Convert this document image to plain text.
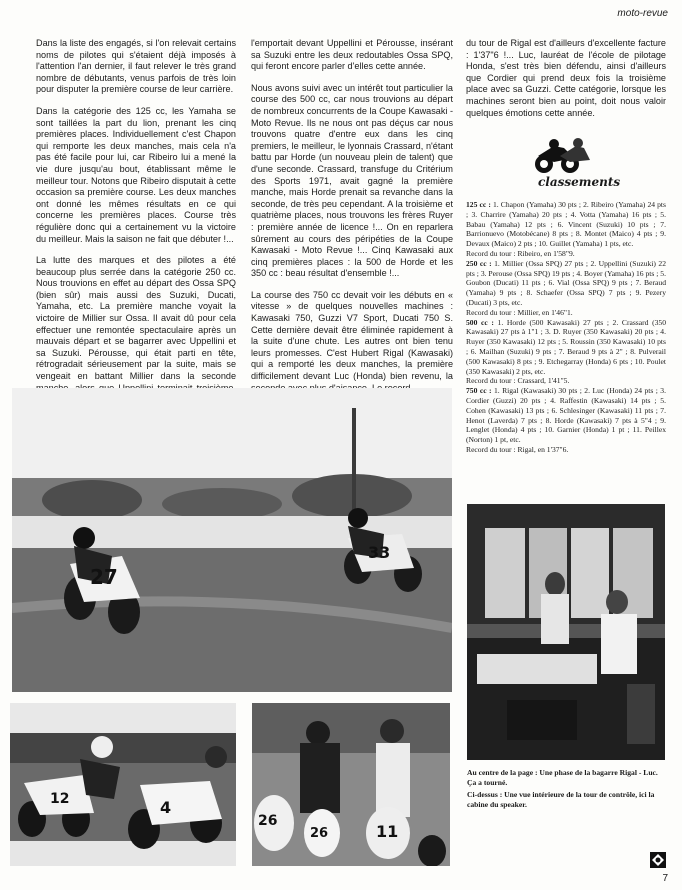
moto-revue

Dans la liste des engagés, si l'on relevait certains noms de pilotes qui s'étaient déjà imposés à l'attention l'an dernier, il faut relever le très grand nombre de débutants, venus parfois de très loin pour disputer la première course de leur carrière.

Dans la catégorie des 125 cc, les Yamaha se sont taillées la part du lion, prenant les cinq premières places. Individuellement c'est Chapon qui remporte les deux manches, mais cela n'a pas été facile pour lui, car Ribeiro lui a mené la vie dure jusqu'au bout, établissant même le meilleur tour. Notons que Ribeiro disputait à cette occasion sa première course. Les deux manches ont donné les mêmes résultats en ce qui concerne les premières places. Course très régulière donc qui a certainement vu la victoire du meilleur. Mais la saison ne fait que débuter !...

La lutte des marques et des pilotes a été beaucoup plus serrée dans la catégorie 250 cc. Nous trouvions en effet au départ des Ossa SPQ (bien sûr) mais aussi des Suzuki, Ducati, Yamaha, etc. La première manche voyait la victoire de Millier sur Ossa. Il avait dû pour cela effectuer une remontée spectaculaire après un mauvais départ et se bagarrer avec Uppellini et sa Suzuki. Pérousse, qui était parti en tête, rétrogradait sérieusement par la suite, mais se vengeait en battant Millier dans la seconde

l'emportait devant Uppellini et Pérousse, insérant sa Suzuki entre les deux redoutables Ossa SPQ, qui feront encore parler d'elles cette année.

Nous avons suivi avec un intérêt tout particulier la course des 500 cc, car nous trouvions au départ de nombreux concurrents de la Coupe Kawasaki - Moto Revue. Ils ne nous ont pas déçus car nous trouvons quatre d'entre eux dans les cinq premiers, le meilleur, le lyonnais Crassard, n'étant battu par Horde (un nouveau plein de talent) que d'une seconde. Crassard, transfuge du Critérium des Sports 1971, avait gagné la première manche, mais Horde prenait sa revanche dans la seconde, de très peu cependant. A la troisième et quatrième places, nous trouvons les frères Ruyer : première année de licence !... On en reparlera sûrement au cours des péripéties de la Coupe Kawasaki - Moto Revue !... Cinq Kawasaki aux cinq premières places : la 500 de Horde et les 350 cc : beau résultat d'ensemble !...

La course des 750 cc devait voir les débuts en « vitesse » de quelques nouvelles machines : Kawasaki 750, Guzzi V7 Sport, Ducati 750 S. Cette dernière devait être éliminée rapidement à la suite d'une chute. Les autres ont bien tenu leurs promesses. C'est Hubert Rigal (Kawasaki) qui a remporté les deux manches, la première difficilement devant Luc (Honda) bien revenu, la

du tour de Rigal est d'ailleurs d'excellente facture : 1'37"6 !... Luc, lauréat de l'école de pilotage Honda, s'est très bien défendu, ainsi d'ailleurs que Cordier qui prend deux fois la troisième place avec sa Guzzi. Cette catégorie, lorsque les machines seront bien au point, doit nous valoir quelques émotions cette année.

classements

125 cc : 1. Chapon (Yamaha) 30 pts ; 2. Ribeiro (Yamaha) 24 pts ; 3. Charrire (Yamaha) 20 pts ; 4. Votta (Yamaha) 16 pts ; 5. Babau (Yamaha) 12 pts ; 6. Vincent (Suzuki) 10 pts ; 7. Barrionuevo (Motobécane) 8 pts ; 8. Montet (Maico) 4 pts ; 9. Devaux (Maico) 2 pts ; 10. Guillet (Yamaha) 1 pts, etc.

Record du tour : Ribeiro, en 1'58"9.

250 cc : 1. Millier (Ossa SPQ) 27 pts ; 2. Uppellini (Suzuki) 22 pts ; 3. Perouse (Ossa SPQ) 19 pts ; 4. Boyer (Yamaha) 16 pts ; 5. Goubon (Ducati) 11 pts ; 6. Vial (Ossa SPQ) 9 pts ; 7. Beraud (Yamaha) 9 pts ; 8. Schaefer (Ossa SPQ) 7 pts ; 9. Pezery (Ducati) 3 pts, etc.

Record du tour : Millier, en 1'46"1.

500 cc : 1. Horde (500 Kawasaki) 27 pts ; 2. Crassard (350 Kawasaki) 27 pts à 1"1 ; 3. D. Ruyer (350 Kawasaki) 20 pts ; 4. Ruyer (350 Kawasaki) 12 pts ; 5. Roussin (350 Kawasaki) 10 pts ; 6. Mailhan (Suzuki) 9 pts ; 7. Beraud 9 pts à 2" ; 8. Pulverail (500 Kawasaki) 8 pts ; 9. Etchegarray (Honda) 6 pts ; 10. Poulet (350 Kawasaki) 2 pts, etc.

Record du tour : Crassard, 1'41"5.

750 cc : 1. Rigal (Kawasaki) 30 pts ; 2. Luc (Honda) 24 pts ; 3. Cordier (Guzzi) 20 pts ; 4. Raffestin (Kawasaki) 14 pts ; 5. Cohen (Kawasaki) 13 pts ; 6. Schlesinger (Kawasaki) 11 pts ; 7. Henot (Laverda) 7 pts ; 8. Horde (Kawasaki) 7 pts à 5"4 ; 9. Lenglet (Honda) 4 pts ; 10. Garnier (Honda) 1 pt ; 11. Peillex (Norton) 1 pt, etc.

Record du tour : Rigal, en 1'37"6.

Au centre de la page : Une phase de la bagarre Rigal - Luc. Ça a tourné.

Ci-dessus : Une vue intérieure de la tour de contrôle, ici la cabine du speaker.

27
33
12	4
26
26	11
7
